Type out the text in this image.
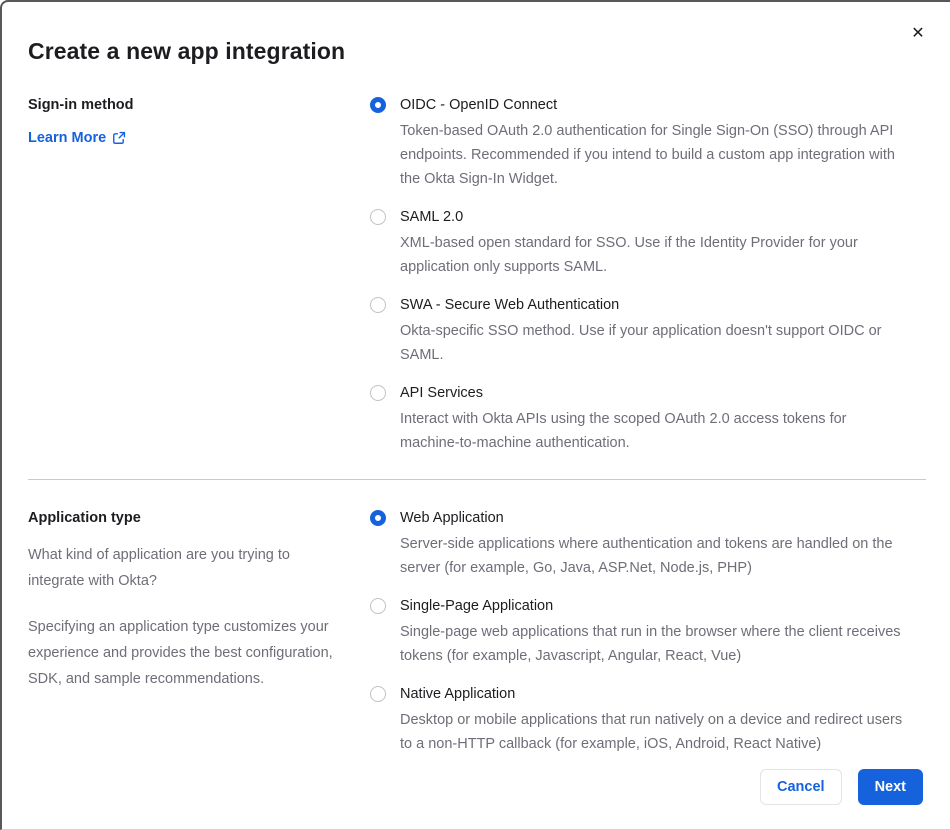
✕
Create a new app integration
Sign-in method
Learn More
OIDC - OpenID Connect
Token-based OAuth 2.0 authentication for Single Sign-On (SSO) through API endpoints. Recommended if you intend to build a custom app integration with the Okta Sign-In Widget.
SAML 2.0
XML-based open standard for SSO. Use if the Identity Provider for your application only supports SAML.
SWA - Secure Web Authentication
Okta-specific SSO method. Use if your application doesn't support OIDC or SAML.
API Services
Interact with Okta APIs using the scoped OAuth 2.0 access tokens for machine-to-machine authentication.
Application type

What kind of application are you trying to integrate with Okta?

Specifying an application type customizes your experience and provides the best configuration, SDK, and sample recommendations.

Web Application
Server-side applications where authentication and tokens are handled on the server (for example, Go, Java, ASP.Net, Node.js, PHP)
Single-Page Application
Single-page web applications that run in the browser where the client receives tokens (for example, Javascript, Angular, React, Vue)
Native Application
Desktop or mobile applications that run natively on a device and redirect users to a non-HTTP callback (for example, iOS, Android, React Native)
Cancel	Next
